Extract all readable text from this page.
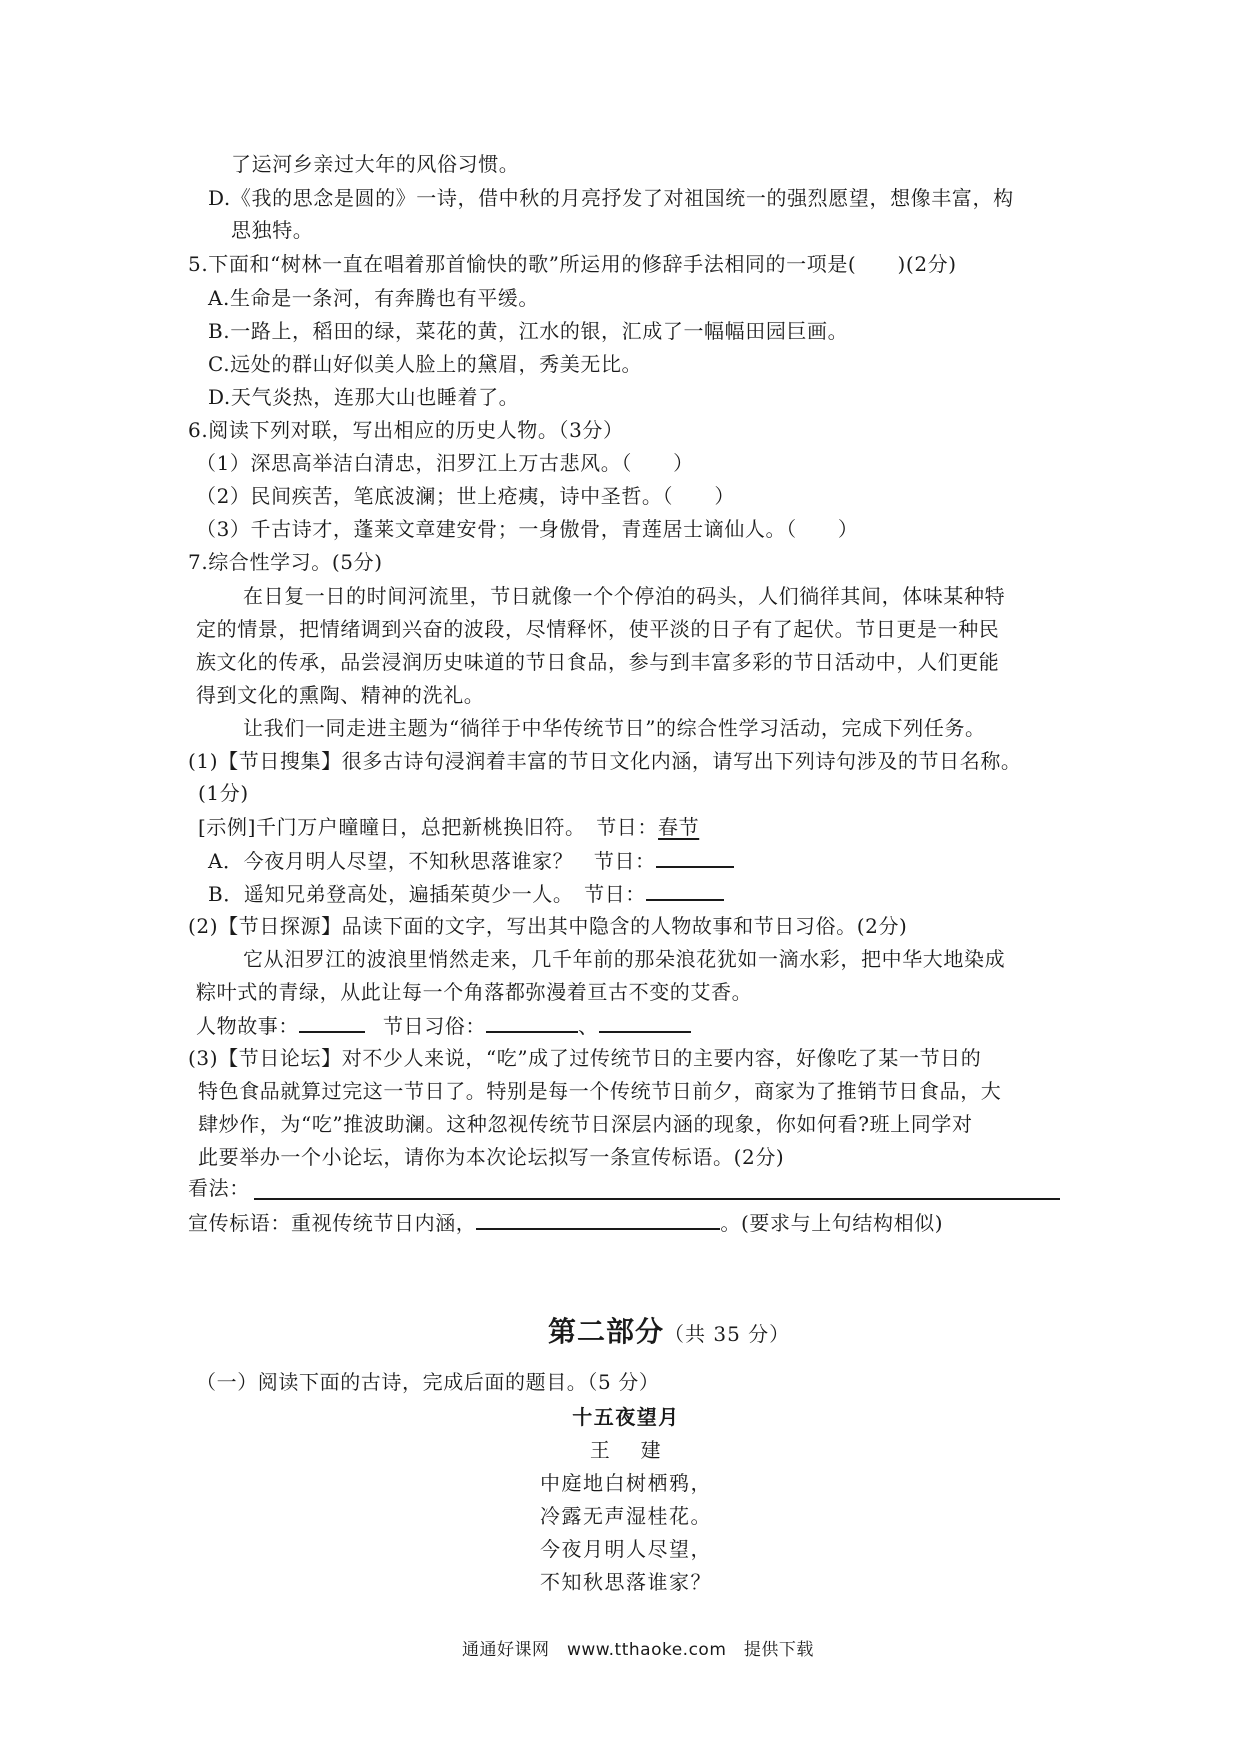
了运河乡亲过大年的风俗习惯。
D.《我的思念是圆的》一诗，借中秋的月亮抒发了对祖国统一的强烈愿望，想像丰富，构
思独特。
5.下面和“树林一直在唱着那首愉快的歌”所运用的修辞手法相同的一项是(　　)(2分)
A.生命是一条河，有奔腾也有平缓。
B.一路上，稻田的绿，菜花的黄，江水的银，汇成了一幅幅田园巨画。
C.远处的群山好似美人脸上的黛眉，秀美无比。
D.天气炎热，连那大山也睡着了。
6.阅读下列对联，写出相应的历史人物。（3分）
（1）深思高举洁白清忠，汨罗江上万古悲风。（　　）
（2）民间疾苦，笔底波澜；世上疮痍，诗中圣哲。（　　）
（3）千古诗才，蓬莱文章建安骨；一身傲骨，青莲居士谪仙人。（　　）
7.综合性学习。(5分)
在日复一日的时间河流里，节日就像一个个停泊的码头，人们徜徉其间，体味某种特
定的情景，把情绪调到兴奋的波段，尽情释怀，使平淡的日子有了起伏。节日更是一种民
族文化的传承，品尝浸润历史味道的节日食品，参与到丰富多彩的节日活动中，人们更能
得到文化的熏陶、精神的洗礼。
让我们一同走进主题为“徜徉于中华传统节日”的综合性学习活动，完成下列任务。
(1)【节日搜集】很多古诗句浸润着丰富的节日文化内涵，请写出下列诗句涉及的节日名称。
(1分)
[示例]千门万户曈曈日，总把新桃换旧符。　节日：春节
A．今夜月明人尽望，不知秋思落谁家？　节日：
B．遥知兄弟登高处，遍插茱萸少一人。　节日：
(2)【节日探源】品读下面的文字，写出其中隐含的人物故事和节日习俗。(2分)
它从汨罗江的波浪里悄然走来，几千年前的那朵浪花犹如一滴水彩，把中华大地染成
粽叶式的青绿，从此让每一个角落都弥漫着亘古不变的艾香。
人物故事：	节日习俗：	、
(3)【节日论坛】对不少人来说，“吃”成了过传统节日的主要内容，好像吃了某一节日的
特色食品就算过完这一节日了。特别是每一个传统节日前夕，商家为了推销节日食品，大
肆炒作，为“吃”推波助澜。这种忽视传统节日深层内涵的现象，你如何看?班上同学对
此要举办一个小论坛，请你为本次论坛拟写一条宣传标语。(2分)
看法：
宣传标语：重视传统节日内涵，	。(要求与上句结构相似)
第二部分（共 35 分）
（一）阅读下面的古诗，完成后面的题目。（5 分）
十五夜望月
王　 建
中庭地白树栖鸦，
冷露无声湿桂花。
今夜月明人尽望，
不知秋思落谁家？
通通好课网　www.tthaoke.com　提供下载
